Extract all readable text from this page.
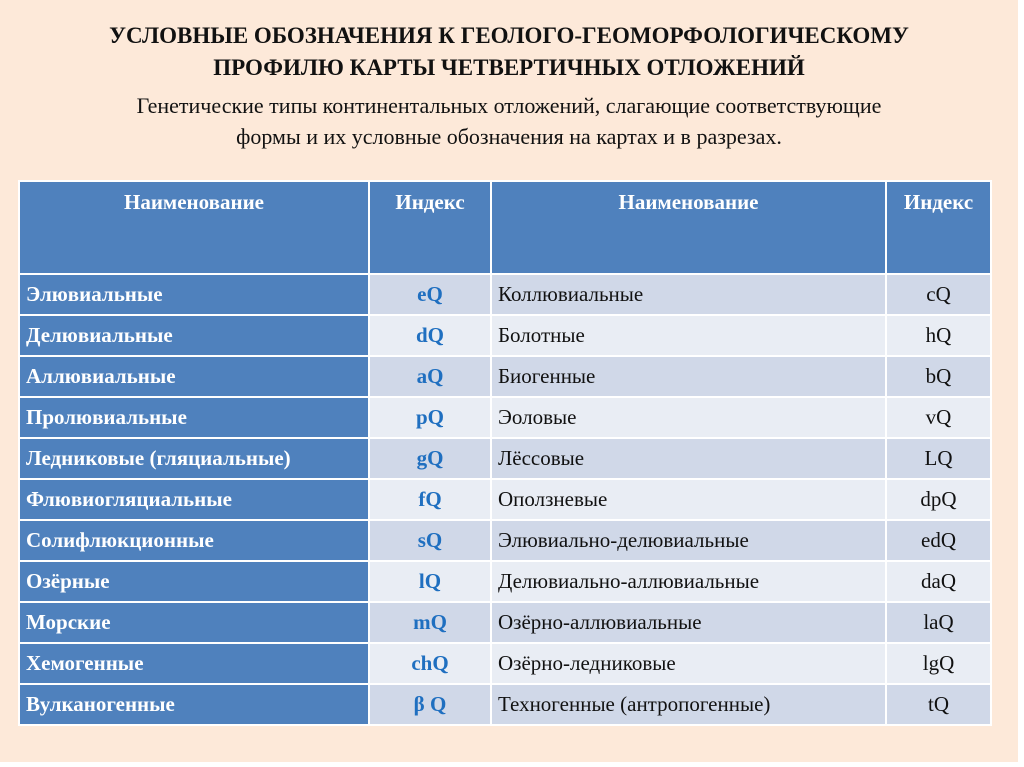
УСЛОВНЫЕ ОБОЗНАЧЕНИЯ К ГЕОЛОГО-ГЕОМОРФОЛОГИЧЕСКОМУ
ПРОФИЛЮ КАРТЫ ЧЕТВЕРТИЧНЫХ ОТЛОЖЕНИЙ
Генетические типы континентальных отложений, слагающие соответствующие
формы и их условные обозначения на картах и в разрезах.
Наименование	Индекс	Наименование	Индекс
Элювиальные	eQ	Коллювиальные	cQ
Делювиальные	dQ	Болотные	hQ
Аллювиальные	aQ	Биогенные	bQ
Пролювиальные	pQ	Эоловые	vQ
Ледниковые (гляциальные)	gQ	Лёссовые	LQ
Флювиогляциальные	fQ	Оползневые	dpQ
Солифлюкционные	sQ	Элювиально-делювиальные	edQ
Озёрные	lQ	Делювиально-аллювиальные	daQ
Морские	mQ	Озёрно-аллювиальные	laQ
Хемогенные	chQ	Озёрно-ледниковые	lgQ
Вулканогенные	β Q	Техногенные (антропогенные)	tQ
